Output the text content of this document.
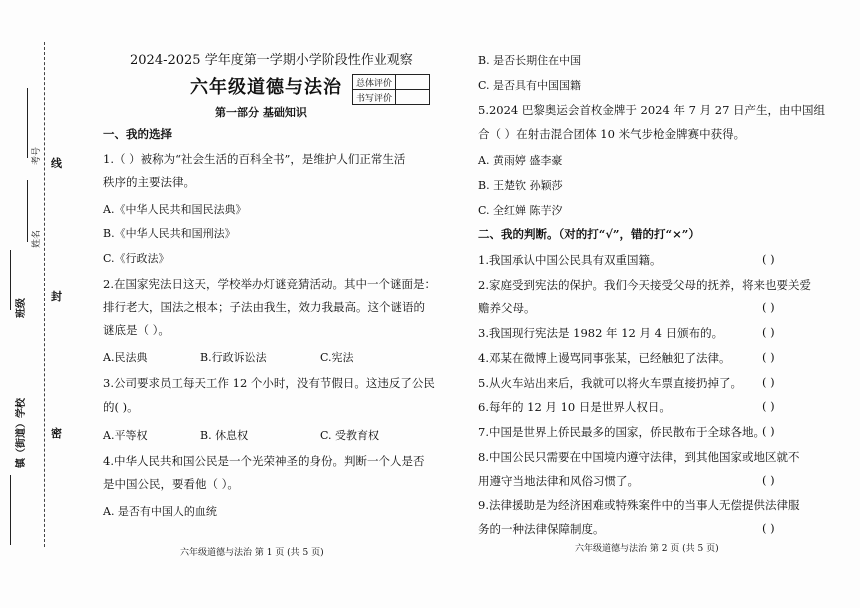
考号
姓名
班级
镇（街道）学校
线
封
密
2024-2025 学年度第一学期小学阶段性作业观察
六年级道德与法治 总体评价	
书写评价	
第一部分 基础知识
一、我的选择
1.（ ）被称为“社会生活的百科全书”，是维护人们正常生活
秩序的主要法律。
A.《中华人民共和国民法典》
B.《中华人民共和国刑法》
C.《行政法》
2.在国家宪法日这天，学校举办灯谜竞猜活动。其中一个谜面是：
排行老大，国法之根本；子法由我生，效力我最高。这个谜语的
谜底是（ ）。
A.民法典	B.行政诉讼法	C.宪法
3.公司要求员工每天工作 12 个小时，没有节假日。这违反了公民
的( )。
A.平等权	B. 休息权	C. 受教育权
4.中华人民共和国公民是一个光荣神圣的身份。判断一个人是否
是中国公民，要看他（ ）。
A. 是否有中国人的血统
六年级道德与法治 第 1 页 (共 5 页)
B. 是否长期住在中国
C. 是否具有中国国籍
5.2024 巴黎奥运会首枚金牌于 2024 年 7 月 27 日产生，由中国组
合（ ）在射击混合团体 10 米气步枪金牌赛中获得。
A. 黄雨婷 盛李豪
B. 王楚钦 孙颖莎
C. 全红婵 陈芋汐
二、我的判断。（对的打“√”，错的打“×”）
1.我国承认中国公民具有双重国籍。	( )
2.家庭受到宪法的保护。我们今天接受父母的抚养，将来也要关爱
赡养父母。	( )
3.我国现行宪法是 1982 年 12 月 4 日颁布的。	( )
4.邓某在微博上谩骂同事张某，已经触犯了法律。	( )
5.从火车站出来后，我就可以将火车票直接扔掉了。 ( )
6.每年的 12 月 10 日是世界人权日。	( )
7.中国是世界上侨民最多的国家，侨民散布于全球各地。
( )
8.中国公民只需要在中国境内遵守法律，到其他国家或地区就不
用遵守当地法律和风俗习惯了。	( )
9.法律援助是为经济困难或特殊案件中的当事人无偿提供法律服
务的一种法律保障制度。	( )
六年级道德与法治 第 2 页 (共 5 页)
